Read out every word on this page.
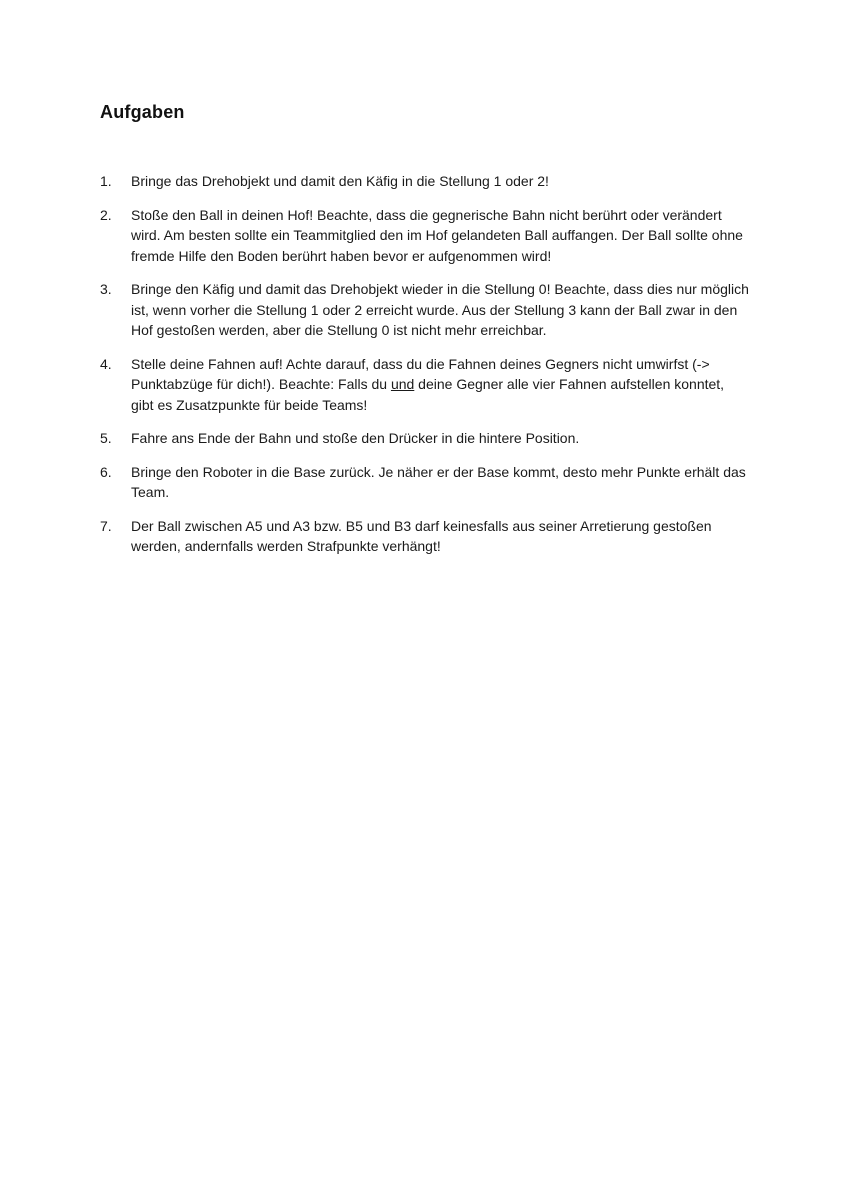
Aufgaben
1. Bringe das Drehobjekt und damit den Käfig in die Stellung 1 oder 2!
2. Stoße den Ball in deinen Hof! Beachte, dass die gegnerische Bahn nicht berührt oder verändert wird. Am besten sollte ein Teammitglied den im Hof gelandeten Ball auffangen. Der Ball sollte ohne fremde Hilfe den Boden berührt haben bevor er aufgenommen wird!
3. Bringe den Käfig und damit das Drehobjekt wieder in die Stellung 0! Beachte, dass dies nur möglich ist, wenn vorher die Stellung 1 oder 2 erreicht wurde. Aus der Stellung 3 kann der Ball zwar in den Hof gestoßen werden, aber die Stellung 0 ist nicht mehr erreichbar.
4. Stelle deine Fahnen auf! Achte darauf, dass du die Fahnen deines Gegners nicht umwirfst (-> Punktabzüge für dich!). Beachte: Falls du und deine Gegner alle vier Fahnen aufstellen konntet, gibt es Zusatzpunkte für beide Teams!
5. Fahre ans Ende der Bahn und stoße den Drücker in die hintere Position.
6. Bringe den Roboter in die Base zurück. Je näher er der Base kommt, desto mehr Punkte erhält das Team.
7. Der Ball zwischen A5 und A3 bzw. B5 und B3 darf keinesfalls aus seiner Arretierung gestoßen werden, andernfalls werden Strafpunkte verhängt!
